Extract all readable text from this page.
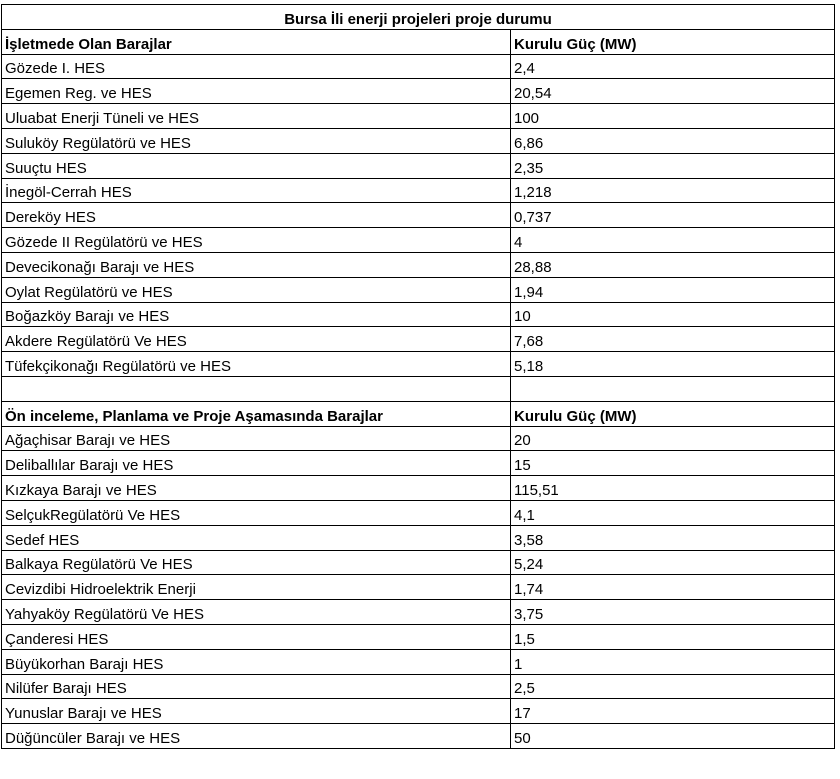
Bursa İli enerji projeleri proje durumu	
İşletmede Olan Barajlar	Kurulu Güç (MW)
Gözede I. HES	2,4
Egemen Reg. ve HES	20,54
Uluabat Enerji Tüneli ve HES	100
Suluköy Regülatörü ve HES	6,86
Suuçtu HES	2,35
İnegöl-Cerrah HES	1,218
Dereköy HES	0,737
Gözede II Regülatörü ve HES	4
Devecikonağı Barajı ve HES	28,88
Oylat Regülatörü ve HES	1,94
Boğazköy Barajı ve HES	10
Akdere Regülatörü Ve HES	7,68
Tüfekçikonağı Regülatörü ve HES	5,18

Ön inceleme, Planlama ve Proje Aşamasında Barajlar	Kurulu Güç (MW)
Ağaçhisar Barajı ve HES	20
Deliballılar Barajı ve HES	15
Kızkaya Barajı ve HES	115,51
SelçukRegülatörü Ve HES	4,1
Sedef HES	3,58
Balkaya Regülatörü Ve HES	5,24
Cevizdibi Hidroelektrik Enerji	1,74
Yahyaköy Regülatörü Ve HES	3,75
Çanderesi HES	1,5
Büyükorhan Barajı HES	1
Nilüfer Barajı HES	2,5
Yunuslar Barajı ve HES	17
Düğüncüler Barajı ve HES	50
